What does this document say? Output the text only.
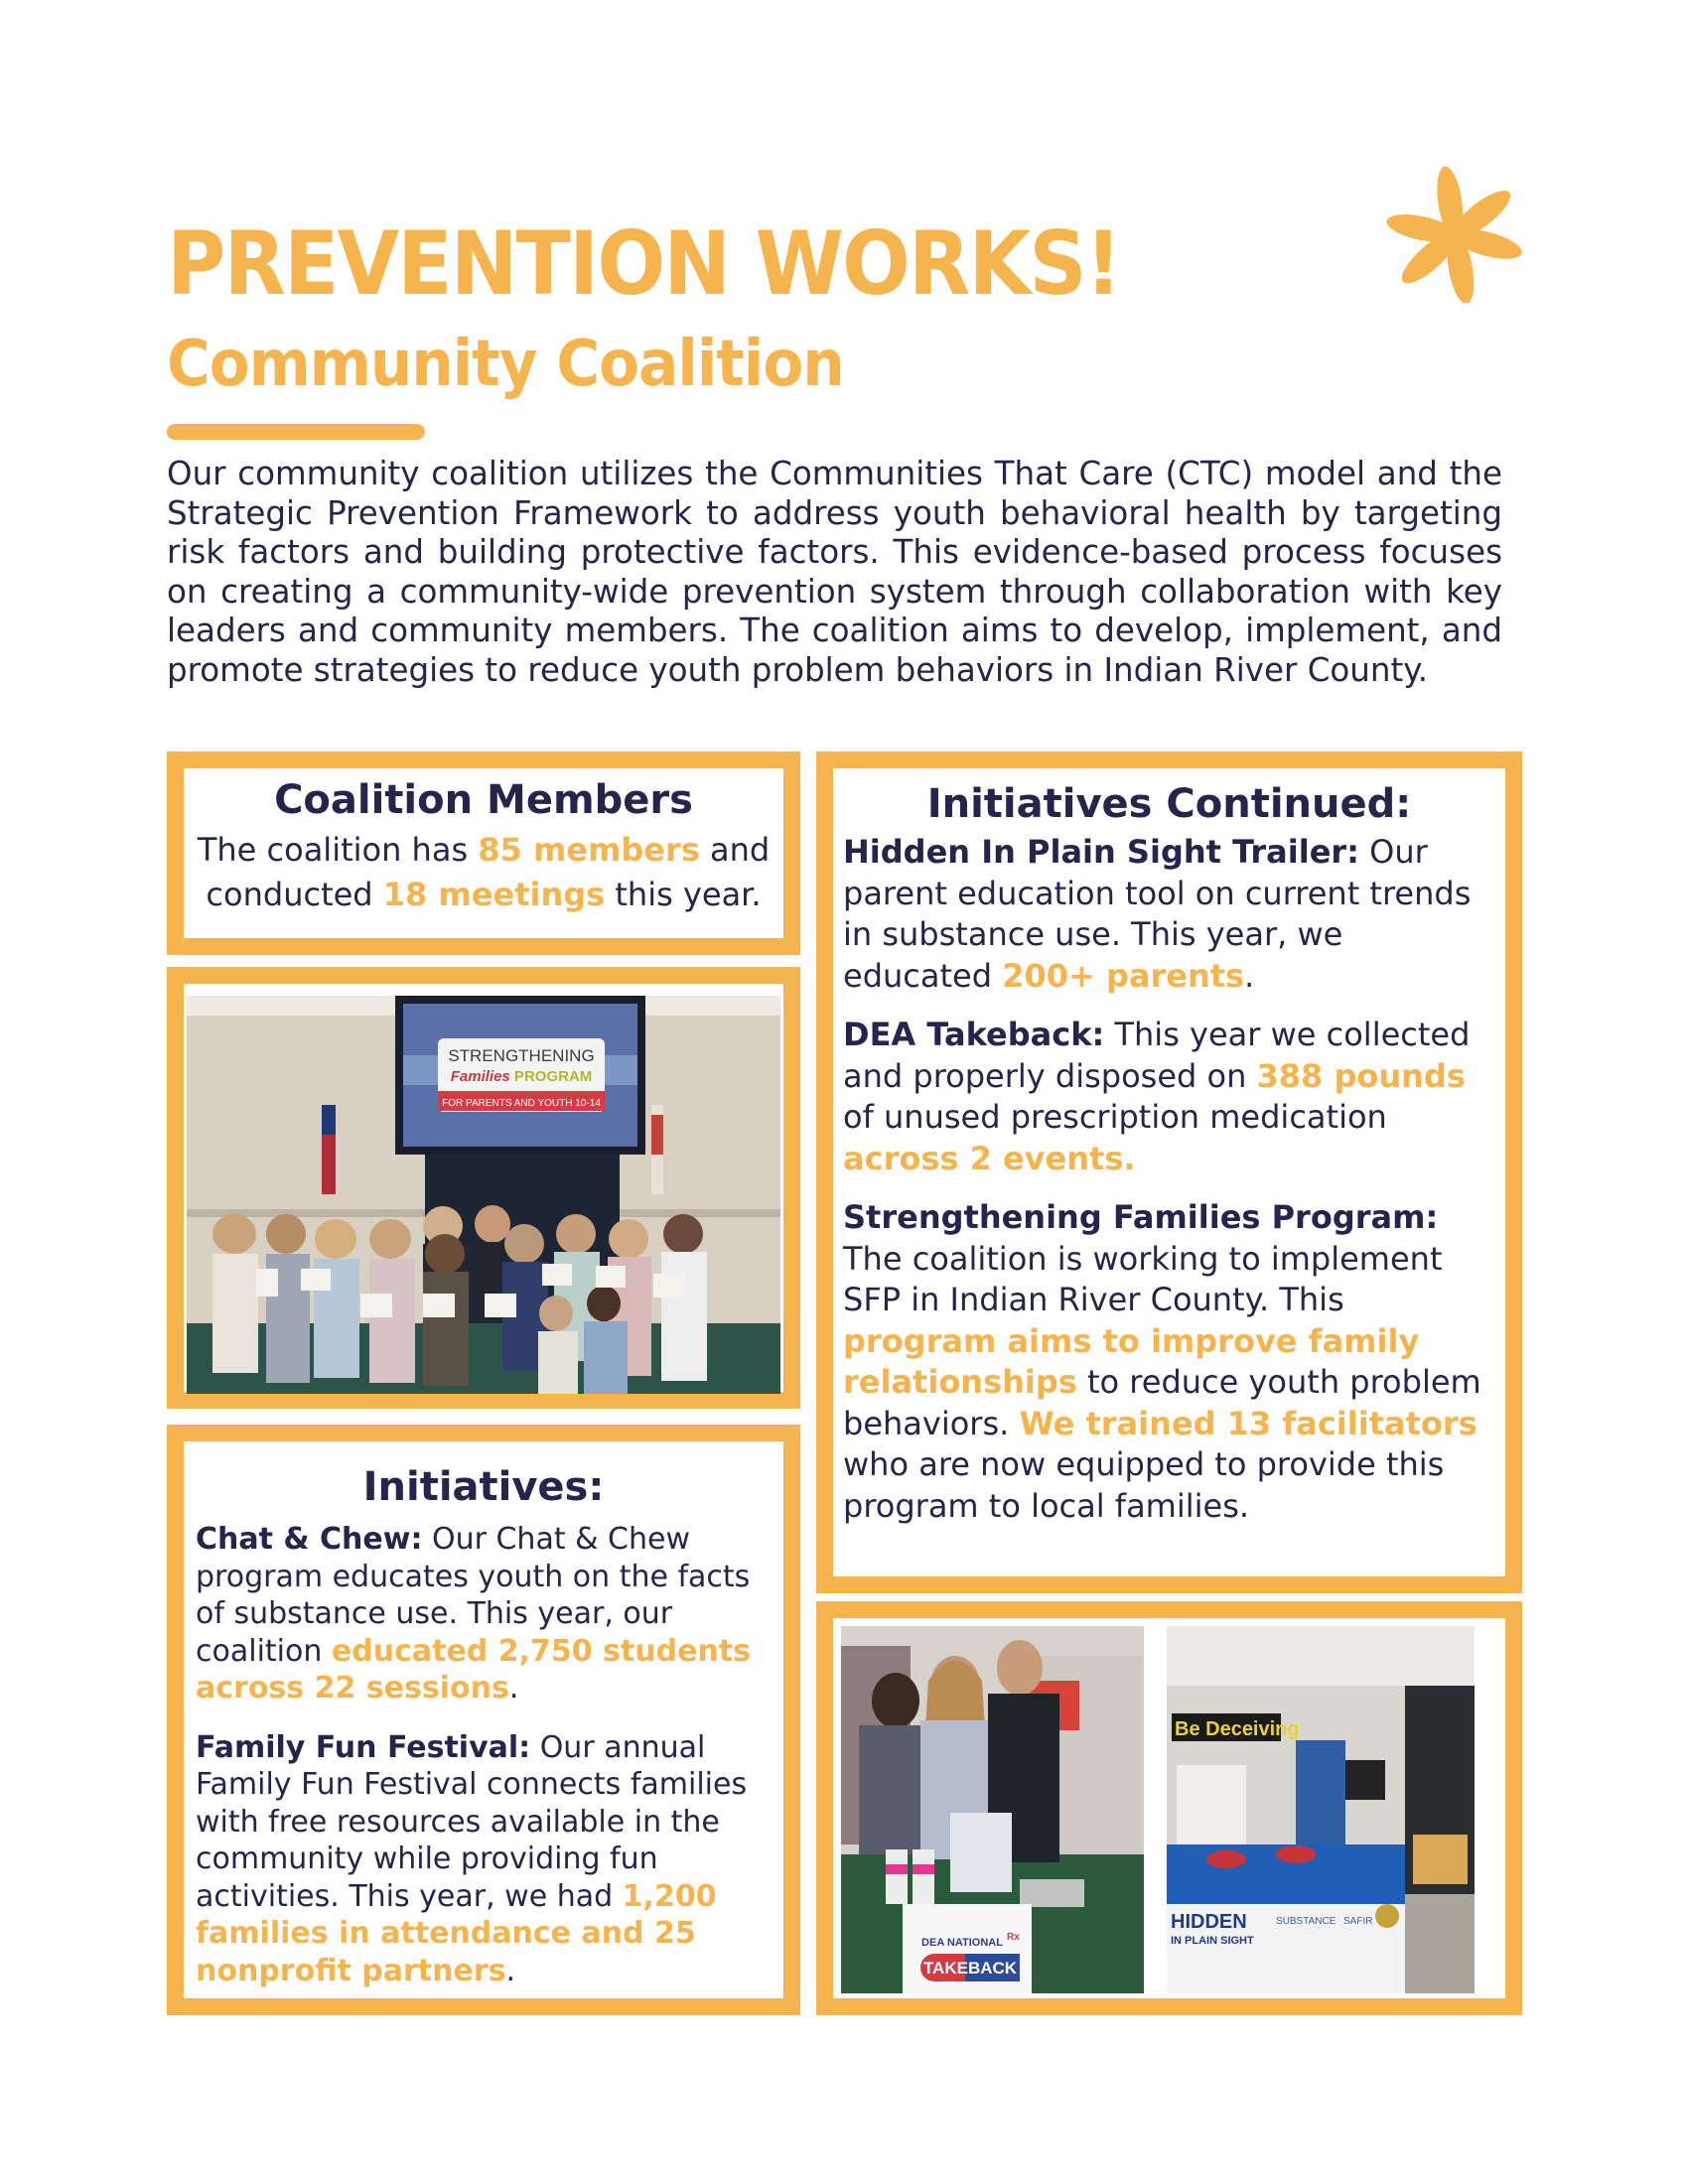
PREVENTION WORKS!
Community Coalition

Our community coalition utilizes the Communities That Care (CTC) model and the Strategic Prevention Framework to address youth behavioral health by targeting risk factors and building protective factors. This evidence-based process focuses on creating a community-wide prevention system through collaboration with key leaders and community members. The coalition aims to develop, implement, and promote strategies to reduce youth problem behaviors in Indian River County.

Coalition Members

The coalition has 85 members and conducted 18 meetings this year.

STRENGTHENING
Families PROGRAM
FOR PARENTS AND YOUTH 10-14
Initiatives:

Chat & Chew: Our Chat & Chew program educates youth on the facts of substance use. This year, our coalition educated 2,750 students across 22 sessions.

Family Fun Festival: Our annual Family Fun Festival connects families with free resources available in the community while providing fun activities. This year, we had 1,200 families in attendance and 25 nonprofit partners.

Initiatives Continued:

Hidden In Plain Sight Trailer: Our parent education tool on current trends in substance use. This year, we educated 200+ parents.

DEA Takeback: This year we collected and properly disposed on 388 pounds of unused prescription medication across 2 events.

Strengthening Families Program: The coalition is working to implement SFP in Indian River County. This program aims to improve family relationships to reduce youth problem behaviors. We trained 13 facilitators who are now equipped to provide this program to local families.

DEA NATIONAL Rx
TAKEBACK
Be Deceiving
HIDDEN
IN PLAIN SIGHT
SUBSTANCE SAFIR
